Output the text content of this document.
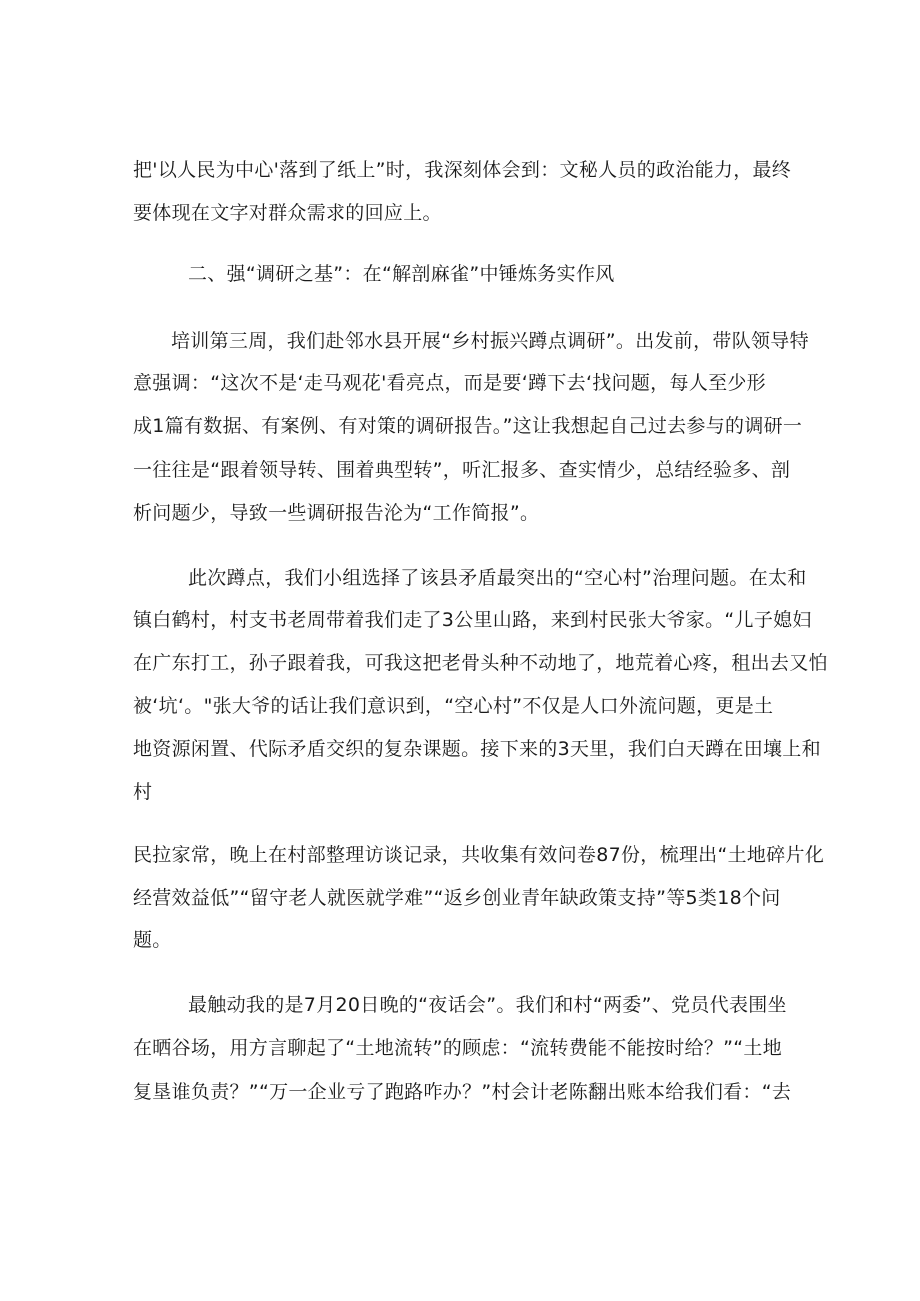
把'以人民为中心'落到了纸上”时，我深刻体会到：文秘人员的政治能力，最终
要体现在文字对群众需求的回应上。
二、强“调研之基”：在“解剖麻雀”中锤炼务实作风
培训第三周，我们赴邻水县开展“乡村振兴蹲点调研”。出发前，带队领导特
意强调：“这次不是‘走马观花'看亮点，而是要‘蹲下去‘找问题，每人至少形
成1篇有数据、有案例、有对策的调研报告。”这让我想起自己过去参与的调研一
一往往是“跟着领导转、围着典型转”，听汇报多、查实情少，总结经验多、剖
析问题少，导致一些调研报告沦为“工作简报”。
此次蹲点，我们小组选择了该县矛盾最突出的“空心村”治理问题。在太和
镇白鹤村，村支书老周带着我们走了3公里山路，来到村民张大爷家。“儿子媳妇
在广东打工，孙子跟着我，可我这把老骨头种不动地了，地荒着心疼，租出去又怕
被‘坑‘。"张大爷的话让我们意识到，“空心村”不仅是人口外流问题，更是土
地资源闲置、代际矛盾交织的复杂课题。接下来的3天里，我们白天蹲在田壤上和
村
民拉家常，晚上在村部整理访谈记录，共收集有效问卷87份，梳理出“土地碎片化
经营效益低”“留守老人就医就学难”“返乡创业青年缺政策支持”等5类18个问
题。
最触动我的是7月20日晚的“夜话会”。我们和村“两委”、党员代表围坐
在晒谷场，用方言聊起了“土地流转”的顾虑：“流转费能不能按时给？”“土地
复垦谁负责？”“万一企业亏了跑路咋办？”村会计老陈翻出账本给我们看：“去
